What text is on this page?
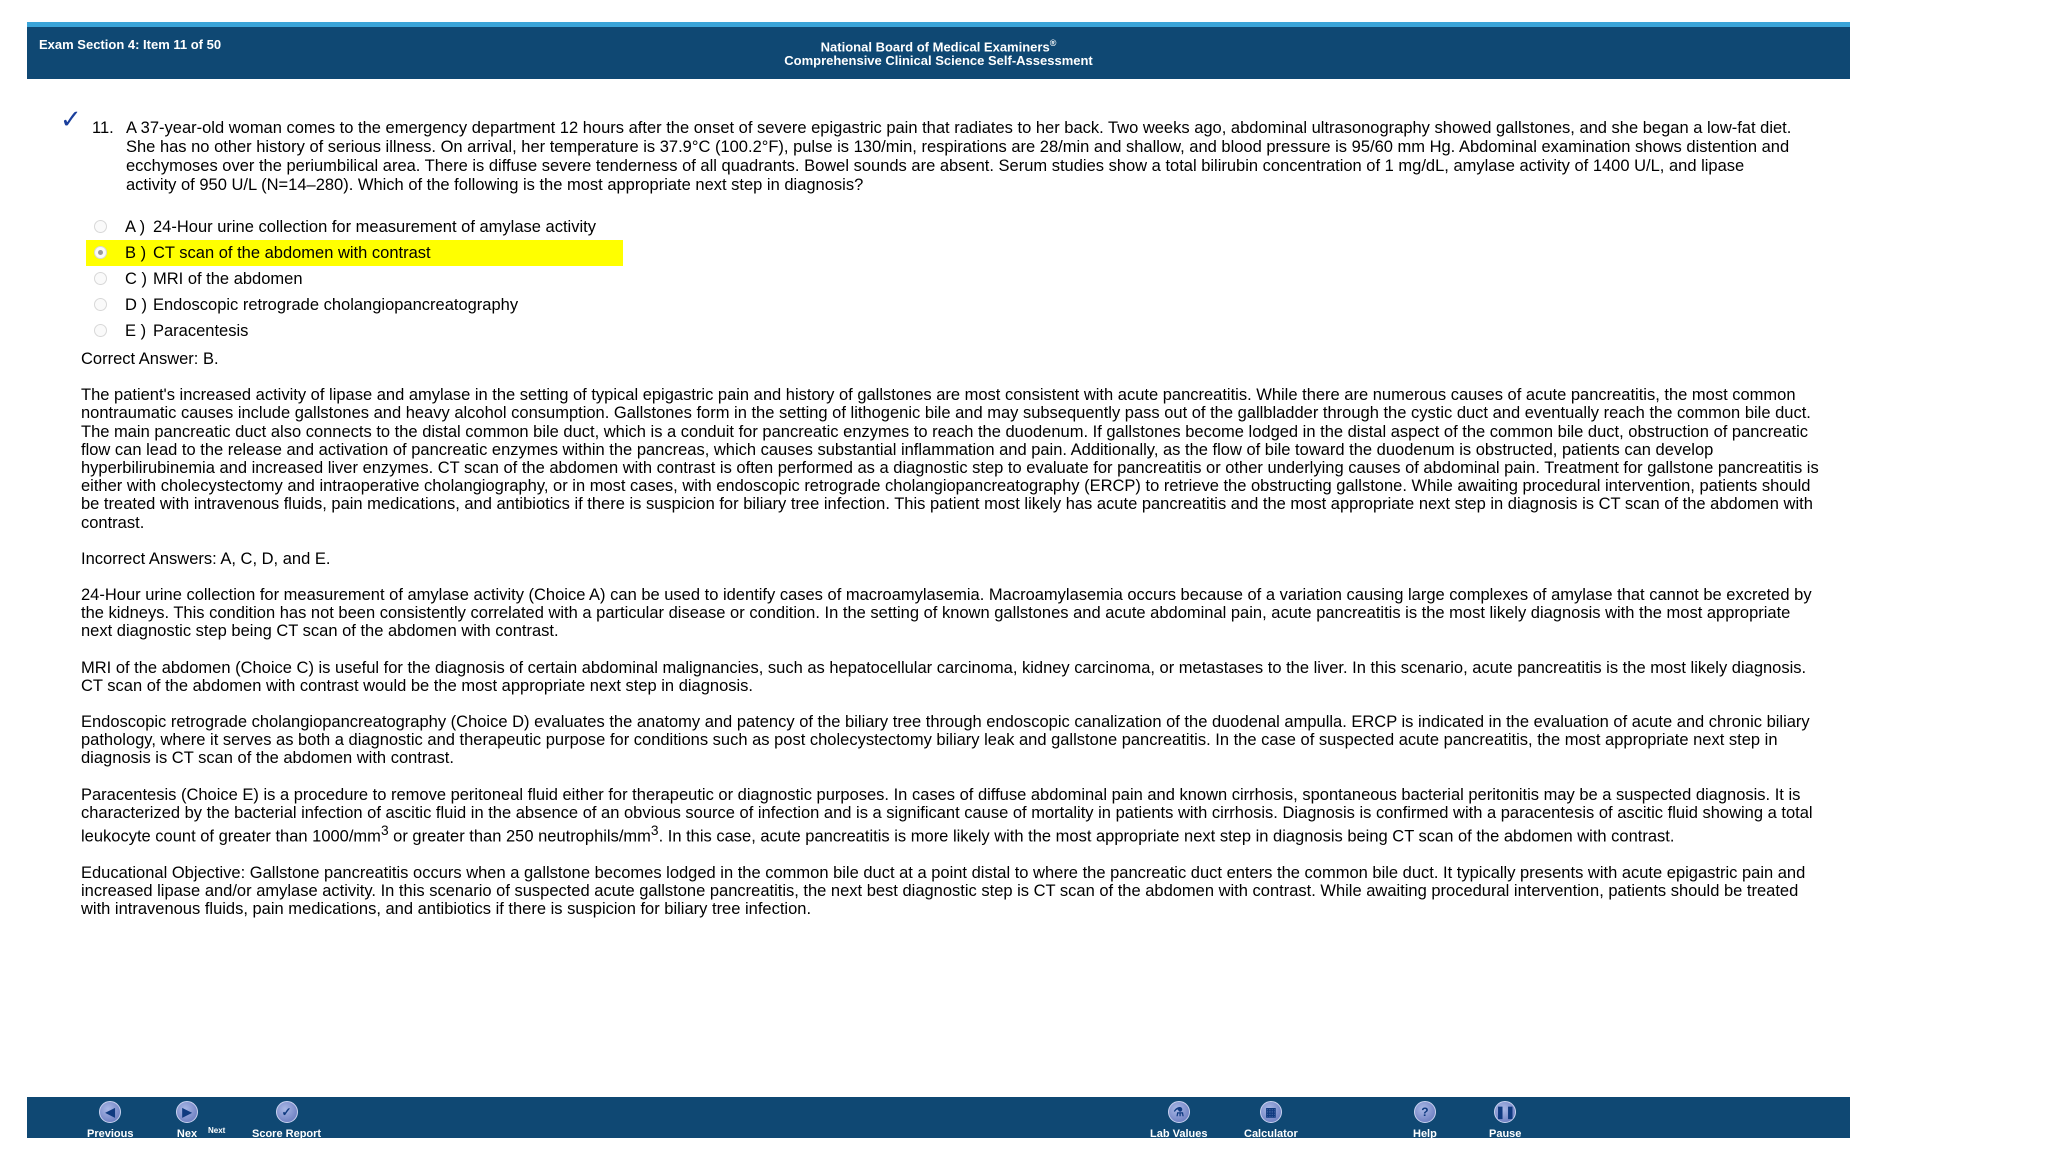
Exam Section 4: Item 11 of 50	National Board of Medical Examiners®
Comprehensive Clinical Science Self-Assessment
✓ 11. A 37-year-old woman comes to the emergency department 12 hours after the onset of severe epigastric pain that radiates to her back. Two weeks ago, abdominal ultrasonography showed gallstones, and she began a low-fat diet. She has no other history of serious illness. On arrival, her temperature is 37.9°C (100.2°F), pulse is 130/min, respirations are 28/min and shallow, and blood pressure is 95/60 mm Hg. Abdominal examination shows distention and ecchymoses over the periumbilical area. There is diffuse severe tenderness of all quadrants. Bowel sounds are absent. Serum studies show a total bilirubin concentration of 1 mg/dL, amylase activity of 1400 U/L, and lipase activity of 950 U/L (N=14–280). Which of the following is the most appropriate next step in diagnosis?
A ) 24-Hour urine collection for measurement of amylase activity
B ) CT scan of the abdomen with contrast
C ) MRI of the abdomen
D ) Endoscopic retrograde cholangiopancreatography
E ) Paracentesis

Correct Answer: B.

The patient's increased activity of lipase and amylase in the setting of typical epigastric pain and history of gallstones are most consistent with acute pancreatitis. While there are numerous causes of acute pancreatitis, the most common nontraumatic causes include gallstones and heavy alcohol consumption. Gallstones form in the setting of lithogenic bile and may subsequently pass out of the gallbladder through the cystic duct and eventually reach the common bile duct. The main pancreatic duct also connects to the distal common bile duct, which is a conduit for pancreatic enzymes to reach the duodenum. If gallstones become lodged in the distal aspect of the common bile duct, obstruction of pancreatic flow can lead to the release and activation of pancreatic enzymes within the pancreas, which causes substantial inflammation and pain. Additionally, as the flow of bile toward the duodenum is obstructed, patients can develop hyperbilirubinemia and increased liver enzymes. CT scan of the abdomen with contrast is often performed as a diagnostic step to evaluate for pancreatitis or other underlying causes of abdominal pain. Treatment for gallstone pancreatitis is either with cholecystectomy and intraoperative cholangiography, or in most cases, with endoscopic retrograde cholangiopancreatography (ERCP) to retrieve the obstructing gallstone. While awaiting procedural intervention, patients should be treated with intravenous fluids, pain medications, and antibiotics if there is suspicion for biliary tree infection. This patient most likely has acute pancreatitis and the most appropriate next step in diagnosis is CT scan of the abdomen with contrast.

Incorrect Answers: A, C, D, and E.

24-Hour urine collection for measurement of amylase activity (Choice A) can be used to identify cases of macroamylasemia. Macroamylasemia occurs because of a variation causing large complexes of amylase that cannot be excreted by the kidneys. This condition has not been consistently correlated with a particular disease or condition. In the setting of known gallstones and acute abdominal pain, acute pancreatitis is the most likely diagnosis with the most appropriate next diagnostic step being CT scan of the abdomen with contrast.

MRI of the abdomen (Choice C) is useful for the diagnosis of certain abdominal malignancies, such as hepatocellular carcinoma, kidney carcinoma, or metastases to the liver. In this scenario, acute pancreatitis is the most likely diagnosis. CT scan of the abdomen with contrast would be the most appropriate next step in diagnosis.

Endoscopic retrograde cholangiopancreatography (Choice D) evaluates the anatomy and patency of the biliary tree through endoscopic canalization of the duodenal ampulla. ERCP is indicated in the evaluation of acute and chronic biliary pathology, where it serves as both a diagnostic and therapeutic purpose for conditions such as post cholecystectomy biliary leak and gallstone pancreatitis. In the case of suspected acute pancreatitis, the most appropriate next step in diagnosis is CT scan of the abdomen with contrast.

Paracentesis (Choice E) is a procedure to remove peritoneal fluid either for therapeutic or diagnostic purposes. In cases of diffuse abdominal pain and known cirrhosis, spontaneous bacterial peritonitis may be a suspected diagnosis. It is characterized by the bacterial infection of ascitic fluid in the absence of an obvious source of infection and is a significant cause of mortality in patients with cirrhosis. Diagnosis is confirmed with a paracentesis of ascitic fluid showing a total leukocyte count of greater than $1000/mm^3$ or greater than 250 neutrophils/$mm^3$. In this case, acute pancreatitis is more likely with the most appropriate next step in diagnosis being CT scan of the abdomen with contrast.

Educational Objective: Gallstone pancreatitis occurs when a gallstone becomes lodged in the common bile duct at a point distal to where the pancreatic duct enters the common bile duct. It typically presents with acute epigastric pain and increased lipase and/or amylase activity. In this scenario of suspected acute gallstone pancreatitis, the next best diagnostic step is CT scan of the abdomen with contrast. While awaiting procedural intervention, patients should be treated with intravenous fluids, pain medications, and antibiotics if there is suspicion for biliary tree infection.

◀
Previous
▶
Nex Next
✓
Score Report
⚗
Lab Values
▦
Calculator
?
Help
❚❚
Pause
